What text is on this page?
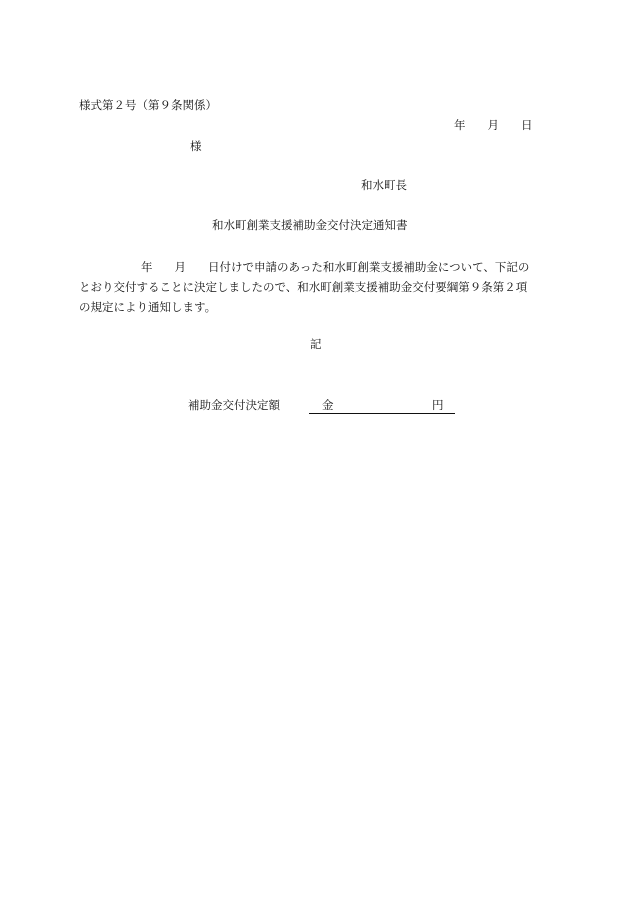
様式第２号（第９条関係）
年 月 日
様
和水町長
和水町創業支援補助金交付決定通知書
年 月 日付けで申請のあった和水町創業支援補助金について、下記の
とおり交付することに決定しましたので、和水町創業支援補助金交付要綱第９条第２項
の規定により通知します。
記
補助金交付決定額	金	円
